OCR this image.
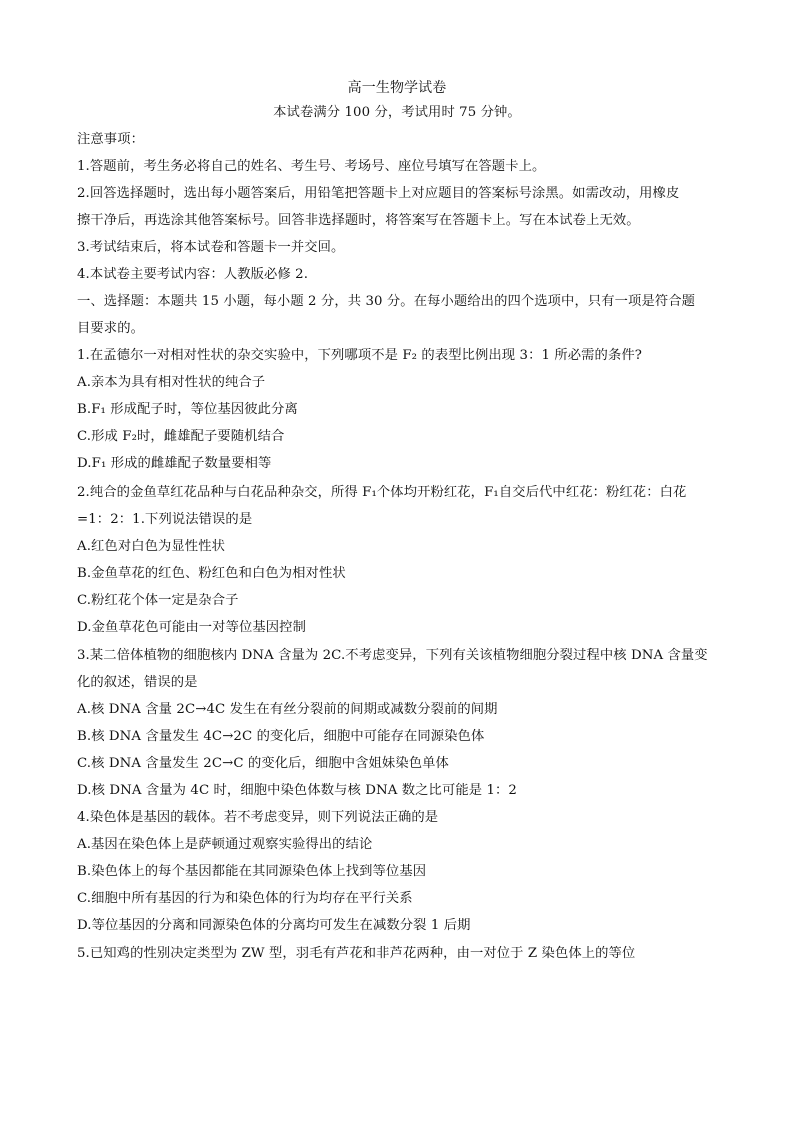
高一生物学试卷
本试卷满分 100 分，考试用时 75 分钟。
注意事项：
1.答题前，考生务必将自己的姓名、考生号、考场号、座位号填写在答题卡上。
2.回答选择题时，选出每小题答案后，用铅笔把答题卡上对应题目的答案标号涂黑。如需改动，用橡皮
擦干净后，再选涂其他答案标号。回答非选择题时，将答案写在答题卡上。写在本试卷上无效。
3.考试结束后，将本试卷和答题卡一并交回。
4.本试卷主要考试内容：人教版必修 2.
一、选择题：本题共 15 小题，每小题 2 分，共 30 分。在每小题给出的四个选项中，只有一项是符合题
目要求的。
1.在孟德尔一对相对性状的杂交实验中，下列哪项不是 F₂ 的表型比例出现 3：1 所必需的条件?
A.亲本为具有相对性状的纯合子
B.F₁ 形成配子时，等位基因彼此分离
C.形成 F₂时，雌雄配子要随机结合
D.F₁ 形成的雌雄配子数量要相等
2.纯合的金鱼草红花品种与白花品种杂交，所得 F₁个体均开粉红花，F₁自交后代中红花：粉红花：白花
=1：2：1.下列说法错误的是
A.红色对白色为显性性状
B.金鱼草花的红色、粉红色和白色为相对性状
C.粉红花个体一定是杂合子
D.金鱼草花色可能由一对等位基因控制
3.某二倍体植物的细胞核内 DNA 含量为 2C.不考虑变异，下列有关该植物细胞分裂过程中核 DNA 含量变
化的叙述，错误的是
A.核 DNA 含量 2C→4C 发生在有丝分裂前的间期或减数分裂前的间期
B.核 DNA 含量发生 4C→2C 的变化后，细胞中可能存在同源染色体
C.核 DNA 含量发生 2C→C 的变化后，细胞中含姐妹染色单体
D.核 DNA 含量为 4C 时，细胞中染色体数与核 DNA 数之比可能是 1：2
4.染色体是基因的载体。若不考虑变异，则下列说法正确的是
A.基因在染色体上是萨顿通过观察实验得出的结论
B.染色体上的每个基因都能在其同源染色体上找到等位基因
C.细胞中所有基因的行为和染色体的行为均存在平行关系
D.等位基因的分离和同源染色体的分离均可发生在减数分裂 1 后期
5.已知鸡的性别决定类型为 ZW 型，羽毛有芦花和非芦花两种，由一对位于 Z 染色体上的等位
